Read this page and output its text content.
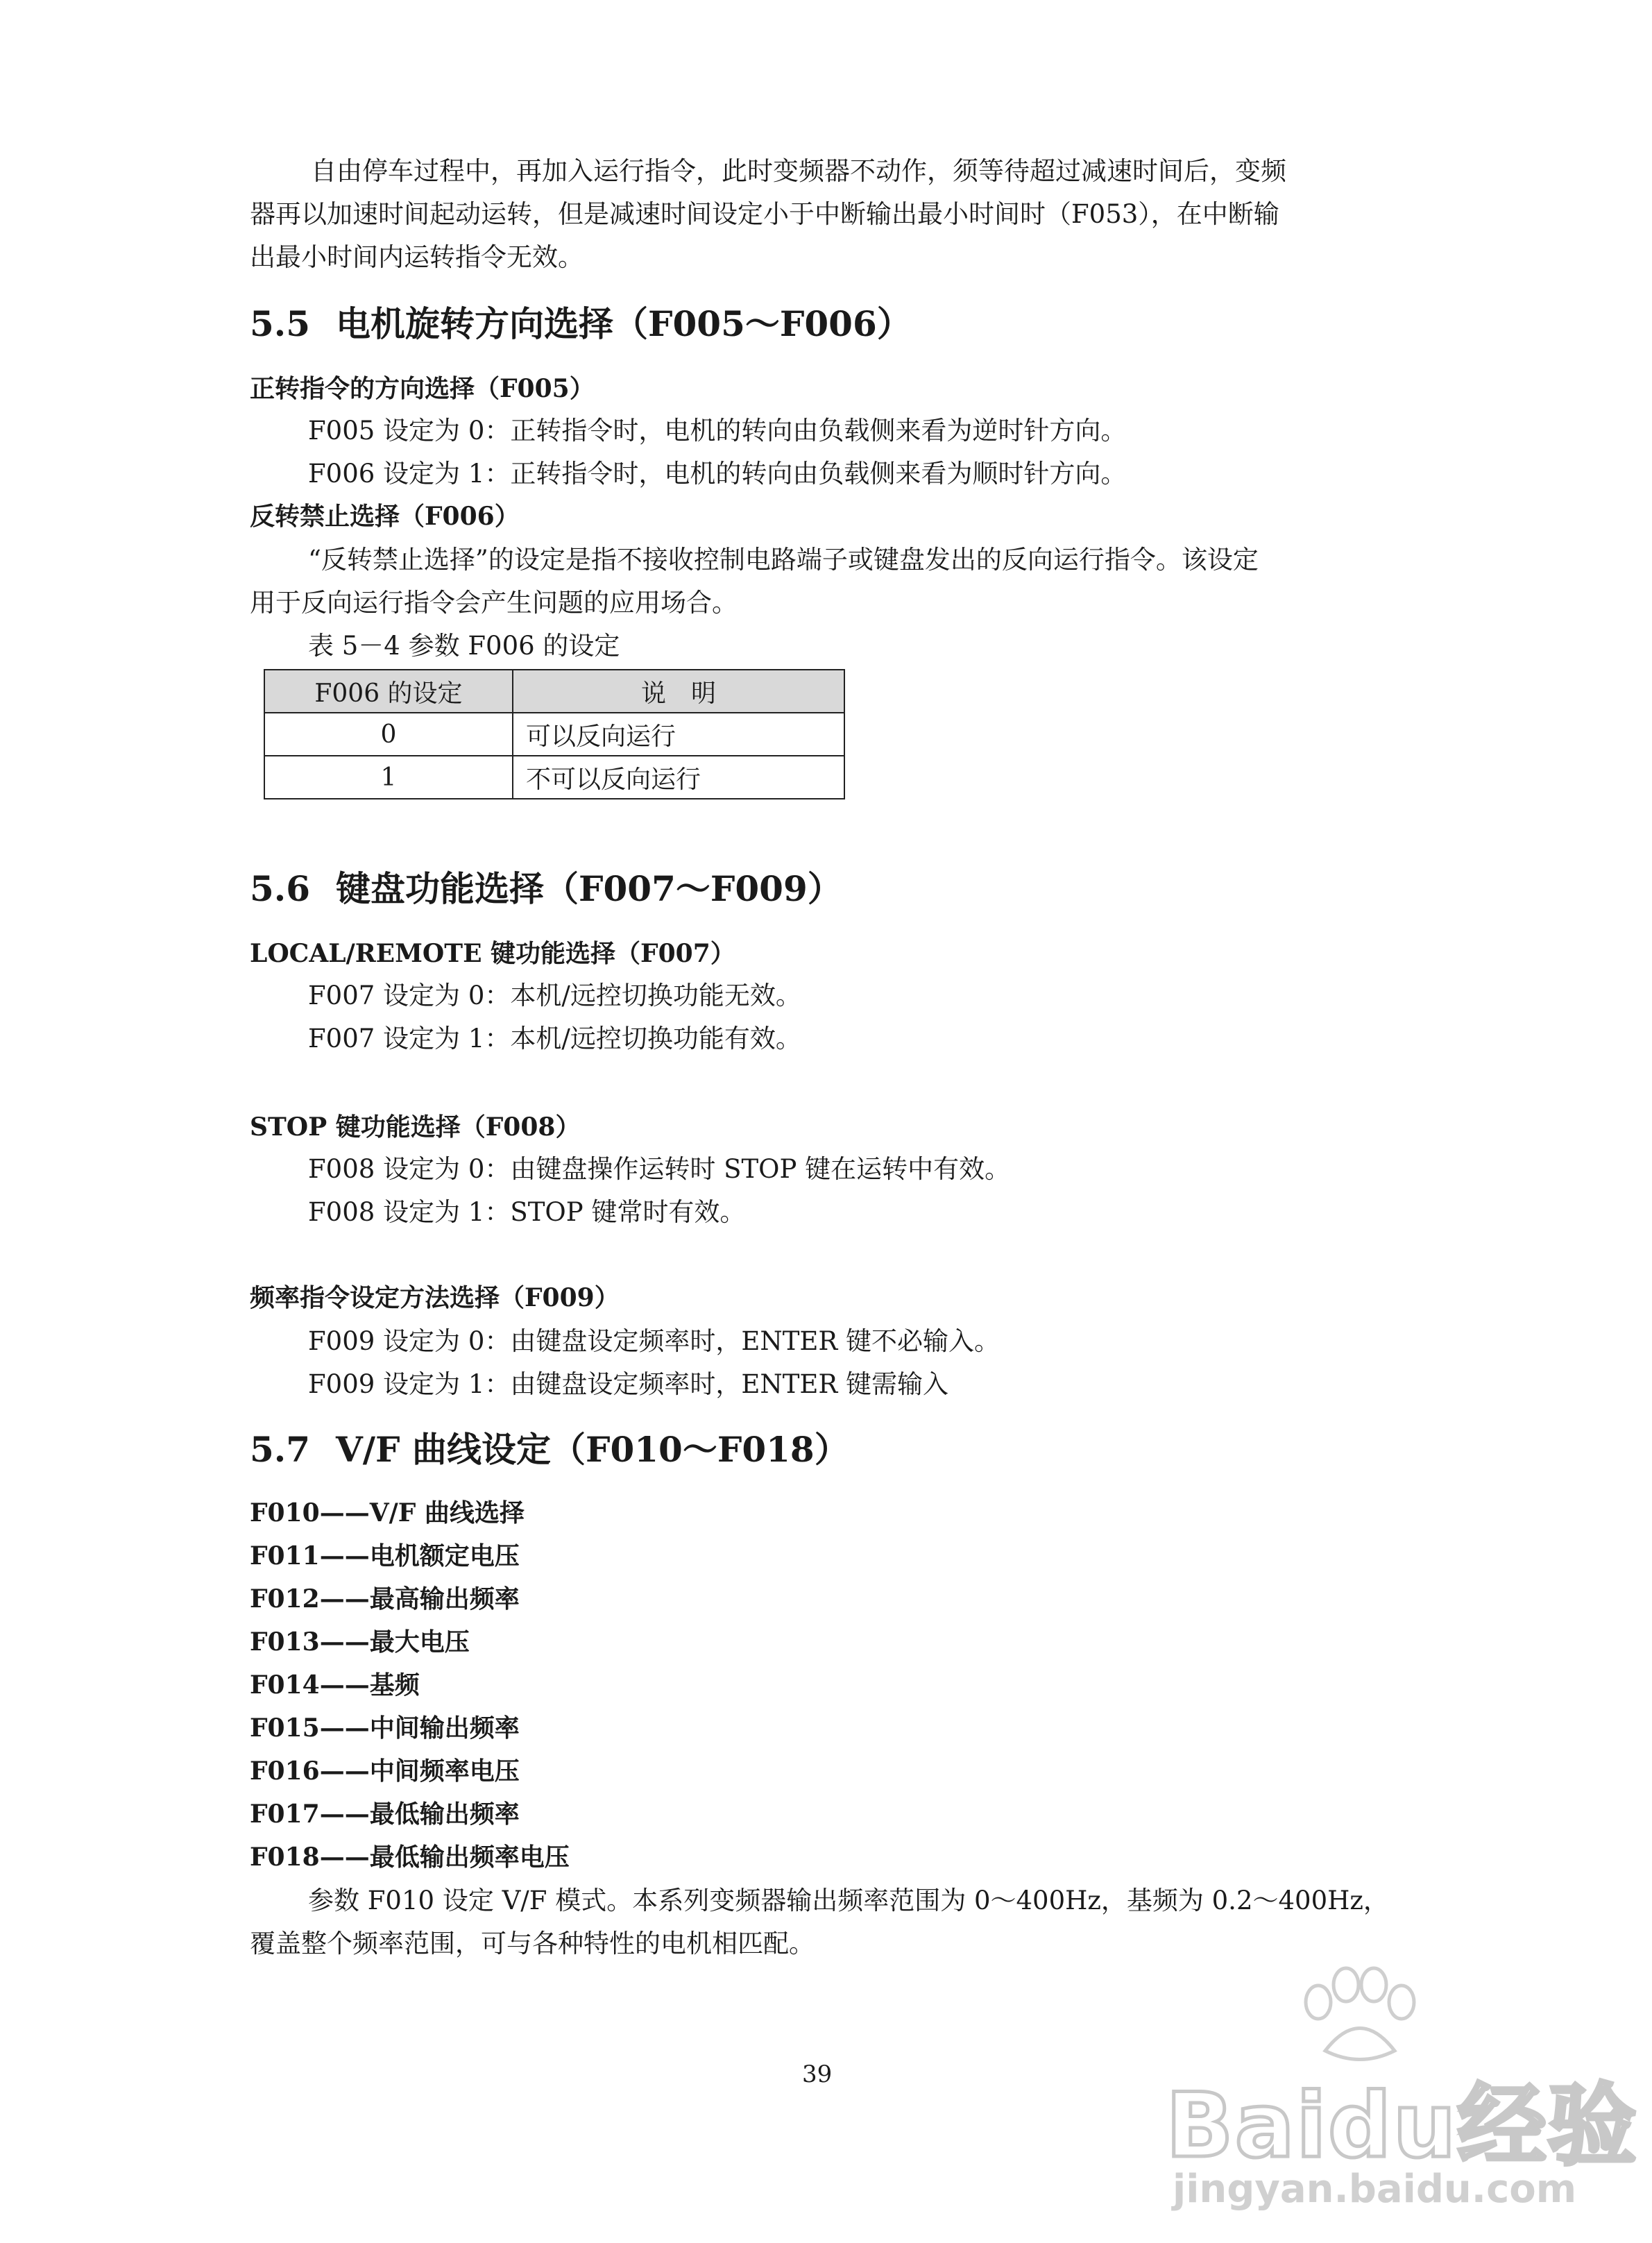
自由停车过程中，再加入运行指令，此时变频器不动作，须等待超过减速时间后，变频
器再以加速时间起动运转，但是减速时间设定小于中断输出最小时间时（F053），在中断输
出最小时间内运转指令无效。
5.5 电机旋转方向选择（F005～F006）
正转指令的方向选择（F005）
F005 设定为 0：正转指令时，电机的转向由负载侧来看为逆时针方向。
F006 设定为 1：正转指令时，电机的转向由负载侧来看为顺时针方向。
反转禁止选择（F006）
“反转禁止选择”的设定是指不接收控制电路端子或键盘发出的反向运行指令。该设定
用于反向运行指令会产生问题的应用场合。
表 5－4 参数 F006 的设定
F006 的设定	说　明
0	可以反向运行
1	不可以反向运行
5.6 键盘功能选择（F007～F009）
LOCAL/REMOTE 键功能选择（F007）
F007 设定为 0：本机/远控切换功能无效。
F007 设定为 1：本机/远控切换功能有效。
STOP 键功能选择（F008）
F008 设定为 0：由键盘操作运转时 STOP 键在运转中有效。
F008 设定为 1：STOP 键常时有效。
频率指令设定方法选择（F009）
F009 设定为 0：由键盘设定频率时，ENTER 键不必输入。
F009 设定为 1：由键盘设定频率时，ENTER 键需输入
5.7 V/F 曲线设定（F010～F018）
F010——V/F 曲线选择
F011——电机额定电压
F012——最高输出频率
F013——最大电压
F014——基频
F015——中间输出频率
F016——中间频率电压
F017——最低输出频率
F018——最低输出频率电压
参数 F010 设定 V/F 模式。本系列变频器输出频率范围为 0～400Hz，基频为 0.2～400Hz，
覆盖整个频率范围，可与各种特性的电机相匹配。
39	Baidu经验
jingyan.baidu.com
